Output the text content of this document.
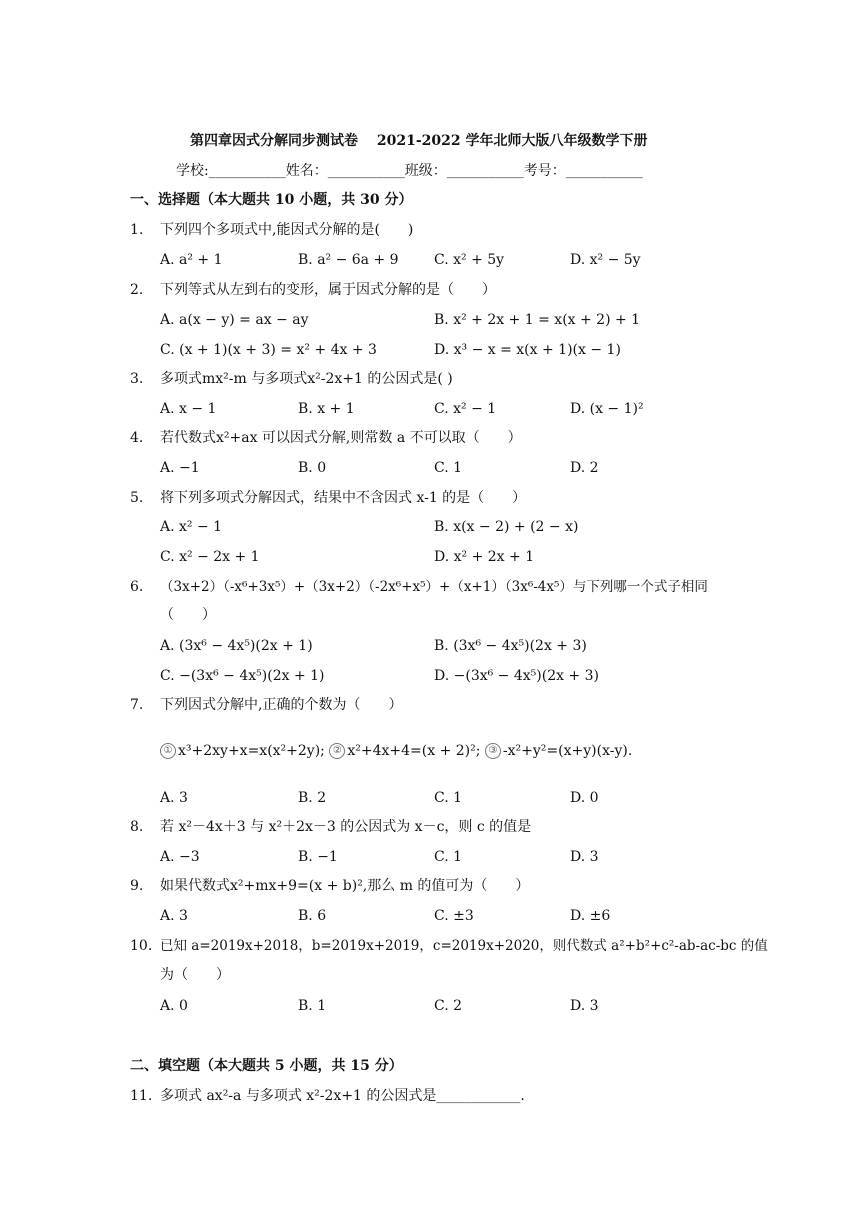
第四章因式分解同步测试卷　 2021-2022 学年北师大版八年级数学下册
学校:___________姓名：___________班级：___________考号：___________
一、选择题（本大题共 10 小题，共 30 分）
1.	下列四个多项式中,能因式分解的是(　　)
A. a² + 1	B. a² − 6a + 9	C. x² + 5y	D. x² − 5y
2.	下列等式从左到右的变形，属于因式分解的是（　　）
A. a(x − y) = ax − ay	B. x² + 2x + 1 = x(x + 2) + 1
C. (x + 1)(x + 3) = x² + 4x + 3	D. x³ − x = x(x + 1)(x − 1)
3.	多项式mx²-m 与多项式x²-2x+1 的公因式是( )
A. x − 1	B. x + 1	C. x² − 1	D. (x − 1)²
4.	若代数式x²+ax 可以因式分解,则常数 a 不可以取（　　）
A. −1	B. 0	C. 1	D. 2
5.	将下列多项式分解因式，结果中不含因式 x-1 的是（　　）
A. x² − 1	B. x(x − 2) + (2 − x)
C. x² − 2x + 1	D. x² + 2x + 1
6.	（3x+2）（-x⁶+3x⁵）+（3x+2）（-2x⁶+x⁵）+（x+1）（3x⁶-4x⁵）与下列哪一个式子相同
（　　）
A. (3x⁶ − 4x⁵)(2x + 1)	B. (3x⁶ − 4x⁵)(2x + 3)
C. −(3x⁶ − 4x⁵)(2x + 1)	D. −(3x⁶ − 4x⁵)(2x + 3)
7.	下列因式分解中,正确的个数为（　　）
① x³+2xy+x=x(x²+2y); ② x²+4x+4=(x + 2)²; ③ -x²+y²=(x+y)(x-y).
A. 3	B. 2	C. 1	D. 0
8.	若 x²－4x＋3 与 x²＋2x－3 的公因式为 x－c，则 c 的值是
A. −3	B. −1	C. 1	D. 3
9.	如果代数式x²+mx+9=(x + b)²,那么 m 的值可为（　　）
A. 3	B. 6	C. ±3	D. ±6
10. 已知 a=2019x+2018，b=2019x+2019，c=2019x+2020，则代数式 a²+b²+c²-ab-ac-bc 的值
为（　　）
A. 0	B. 1	C. 2	D. 3
二、填空题（本大题共 5 小题，共 15 分）
11. 多项式 ax²-a 与多项式 x²-2x+1 的公因式是____________.
